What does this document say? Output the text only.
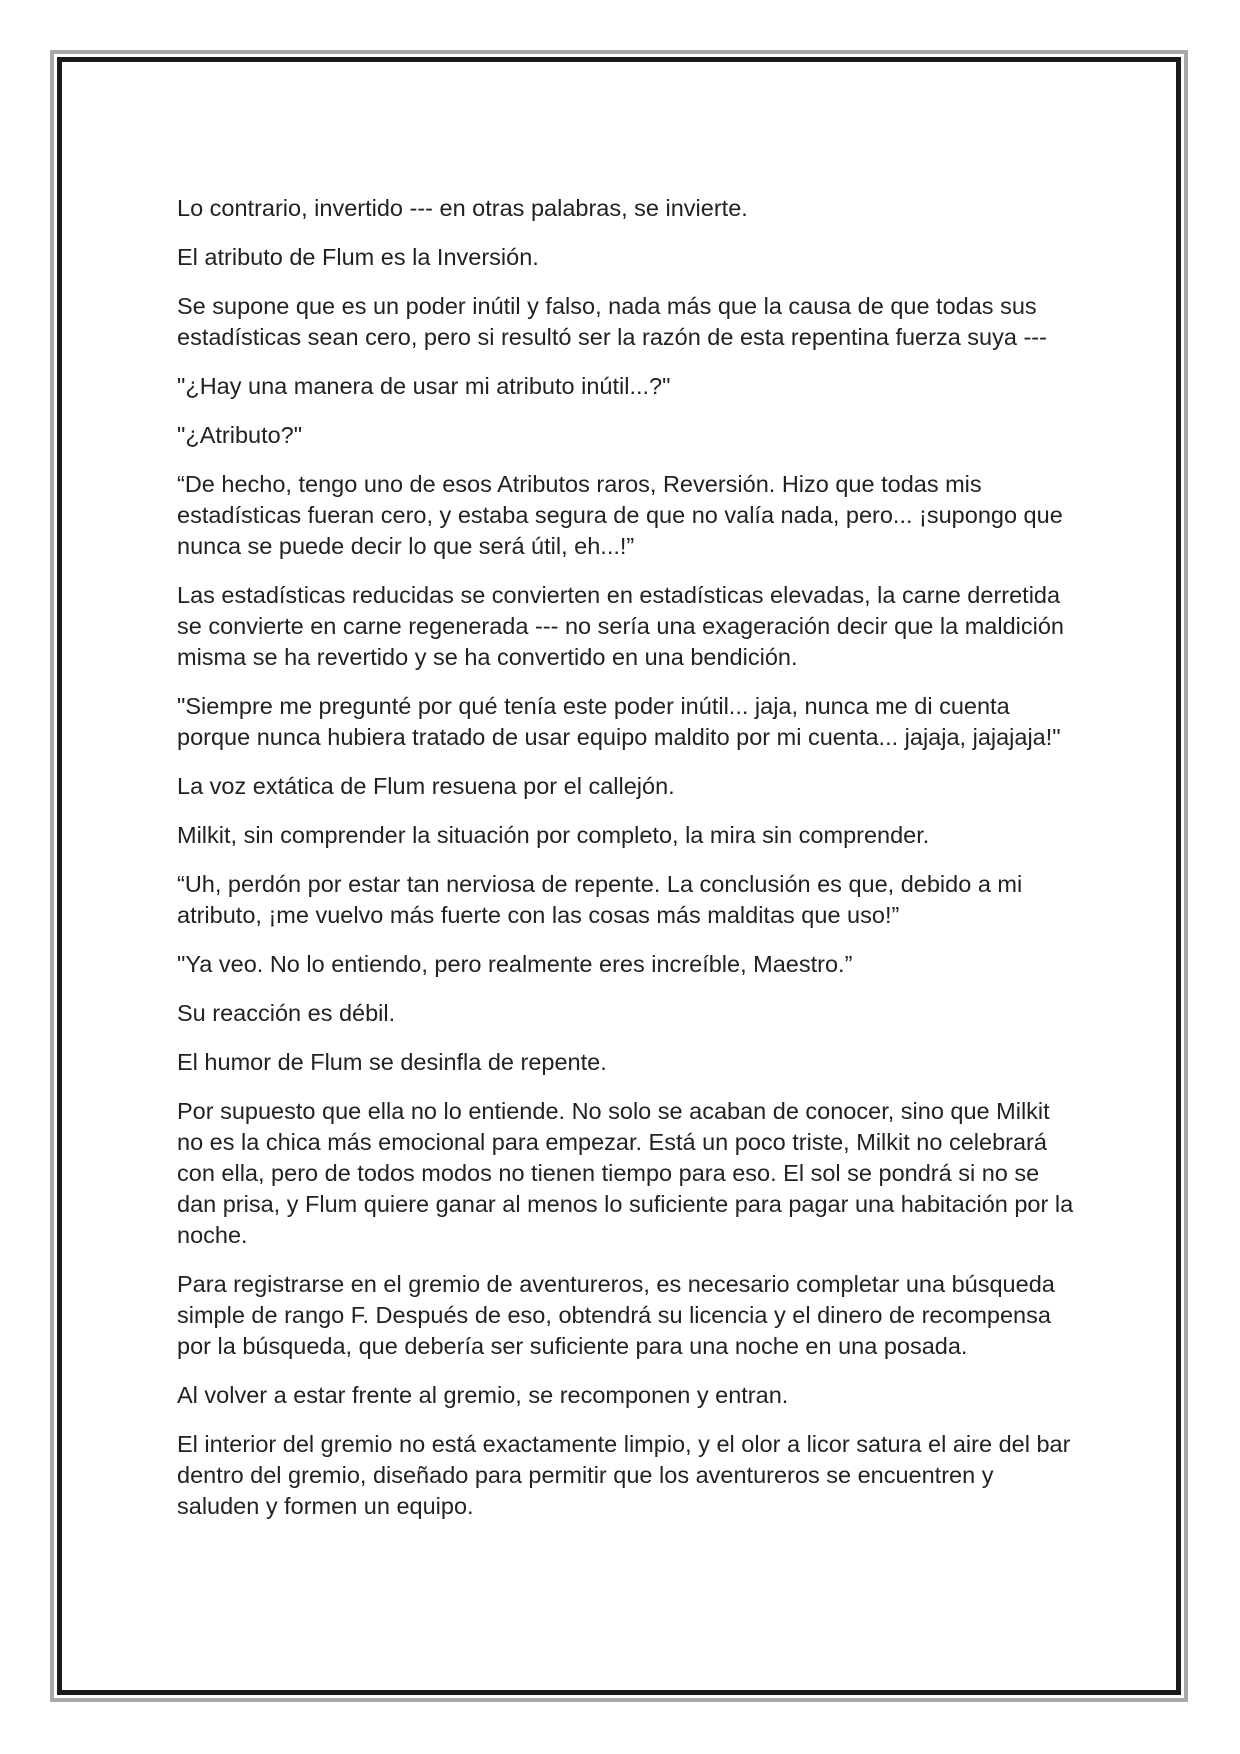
Lo contrario, invertido --- en otras palabras, se invierte.

El atributo de Flum es la Inversión.

Se supone que es un poder inútil y falso, nada más que la causa de que todas sus estadísticas sean cero, pero si resultó ser la razón de esta repentina fuerza suya ---

"¿Hay una manera de usar mi atributo inútil...?"

"¿Atributo?"

“De hecho, tengo uno de esos Atributos raros, Reversión. Hizo que todas mis estadísticas fueran cero, y estaba segura de que no valía nada, pero... ¡supongo que nunca se puede decir lo que será útil, eh...!”

Las estadísticas reducidas se convierten en estadísticas elevadas, la carne derretida se convierte en carne regenerada --- no sería una exageración decir que la maldición misma se ha revertido y se ha convertido en una bendición.

"Siempre me pregunté por qué tenía este poder inútil... jaja, nunca me di cuenta porque nunca hubiera tratado de usar equipo maldito por mi cuenta... jajaja, jajajaja!"

La voz extática de Flum resuena por el callejón.

Milkit, sin comprender la situación por completo, la mira sin comprender.

“Uh, perdón por estar tan nerviosa de repente. La conclusión es que, debido a mi atributo, ¡me vuelvo más fuerte con las cosas más malditas que uso!”

"Ya veo. No lo entiendo, pero realmente eres increíble, Maestro.”

Su reacción es débil.

El humor de Flum se desinfla de repente.

Por supuesto que ella no lo entiende. No solo se acaban de conocer, sino que Milkit no es la chica más emocional para empezar. Está un poco triste, Milkit no celebrará con ella, pero de todos modos no tienen tiempo para eso. El sol se pondrá si no se dan prisa, y Flum quiere ganar al menos lo suficiente para pagar una habitación por la noche.

Para registrarse en el gremio de aventureros, es necesario completar una búsqueda simple de rango F. Después de eso, obtendrá su licencia y el dinero de recompensa por la búsqueda, que debería ser suficiente para una noche en una posada.

Al volver a estar frente al gremio, se recomponen y entran.

El interior del gremio no está exactamente limpio, y el olor a licor satura el aire del bar dentro del gremio, diseñado para permitir que los aventureros se encuentren y saluden y formen un equipo.
